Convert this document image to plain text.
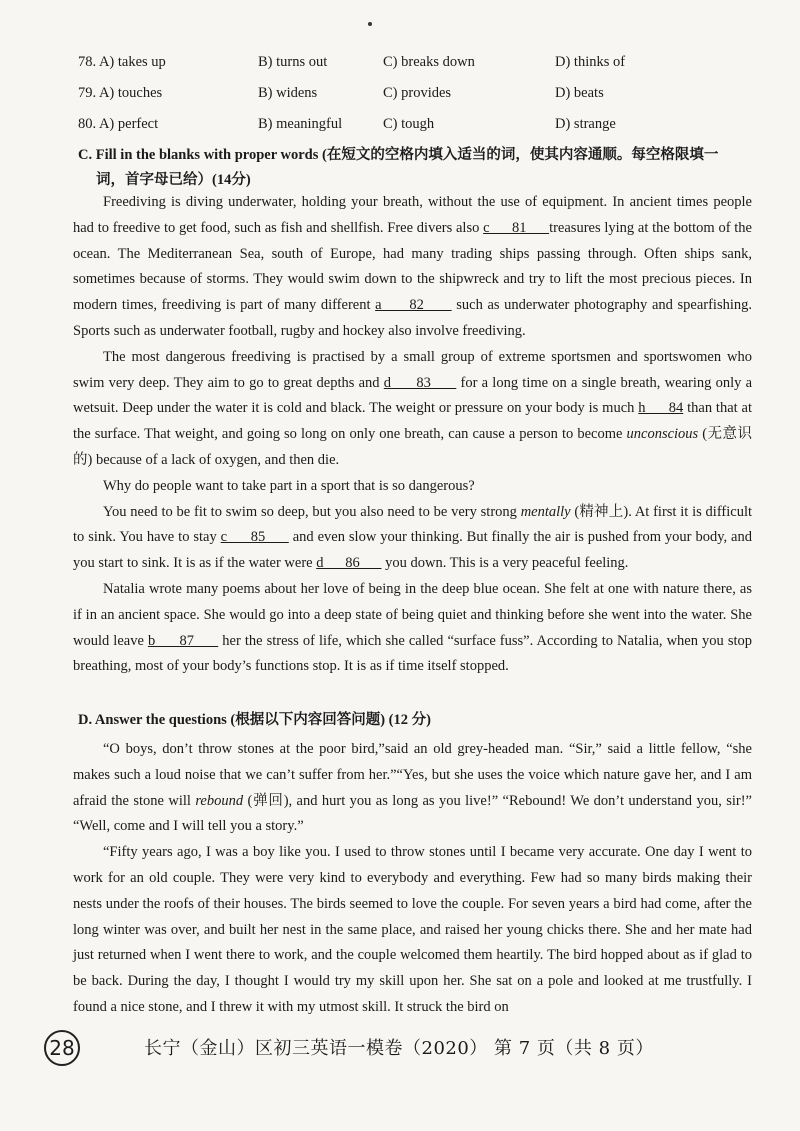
78. A) takes up	B) turns out	C) breaks down	D) thinks of
79. A) touches	B) widens	C) provides	D) beats
80. A) perfect	B) meaningful	C) tough	D) strange
C. Fill in the blanks with proper words (在短文的空格内填入适当的词，使其内容通顺。每空格限填一
词，首字母已给）(14分)

Freediving is diving underwater, holding your breath, without the use of equipment. In ancient times people had to freedive to get food, such as fish and shellfish. Free divers also c      81      treasures lying at the bottom of the ocean. The Mediterranean Sea, south of Europe, had many trading ships passing through. Often ships sank, sometimes because of storms. They would swim down to the shipwreck and try to lift the most precious pieces. In modern times, freediving is part of many different a      82       such as underwater photography and spearfishing. Sports such as underwater football, rugby and hockey also involve freediving.

The most dangerous freediving is practised by a small group of extreme sportsmen and sportswomen who swim very deep. They aim to go to great depths and d      83       for a long time on a single breath, wearing only a wetsuit. Deep under the water it is cold and black. The weight or pressure on your body is much h      84 than that at the surface. That weight, and going so long on only one breath, can cause a person to become unconscious (无意识的) because of a lack of oxygen, and then die.

Why do people want to take part in a sport that is so dangerous?

You need to be fit to swim so deep, but you also need to be very strong mentally (精神上). At first it is difficult to sink. You have to stay c      85       and even slow your thinking. But finally the air is pushed from your body, and you start to sink. It is as if the water were d      86       you down. This is a very peaceful feeling.

Natalia wrote many poems about her love of being in the deep blue ocean. She felt at one with nature there, as if in an ancient space. She would go into a deep state of being quiet and thinking before she went into the water. She would leave b      87       her the stress of life, which she called “surface fuss”. According to Natalia, when you stop breathing, most of your body’s functions stop. It is as if time itself stopped.

D. Answer the questions (根据以下内容回答问题) (12 分)

“O boys, don’t throw stones at the poor bird,”said an old grey-headed man. “Sir,” said a little fellow, “she makes such a loud noise that we can’t suffer from her.”“Yes, but she uses the voice which nature gave her, and I am afraid the stone will rebound (弹回), and hurt you as long as you live!” “Rebound! We don’t understand you, sir!” “Well, come and I will tell you a story.”

“Fifty years ago, I was a boy like you. I used to throw stones until I became very accurate. One day I went to work for an old couple. They were very kind to everybody and everything. Few had so many birds making their nests under the roofs of their houses. The birds seemed to love the couple. For seven years a bird had come, after the long winter was over, and built her nest in the same place, and raised her young chicks there. She and her mate had just returned when I went there to work, and the couple welcomed them heartily. The bird hopped about as if glad to be back. During the day, I thought I would try my skill upon her. She sat on a pole and looked at me trustfully. I found a nice stone, and I threw it with my utmost skill. It struck the bird on

28	长宁（金山）区初三英语一模卷（2020） 第 7 页（共 8 页）
